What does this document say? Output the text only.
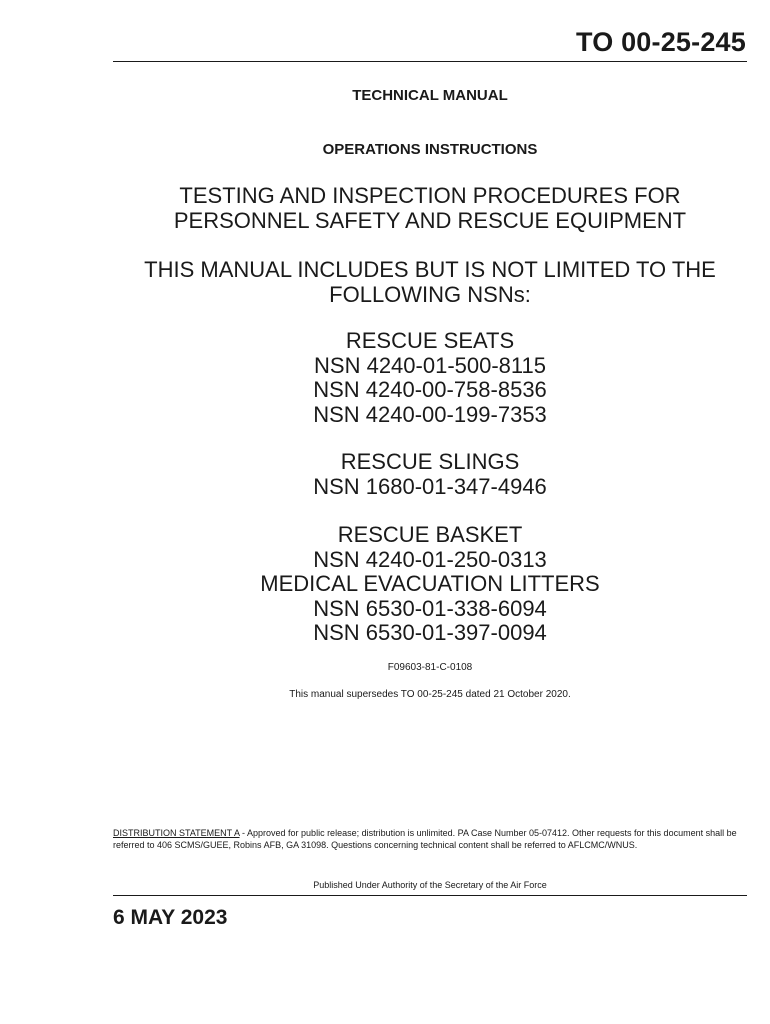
TO 00-25-245
TECHNICAL MANUAL
OPERATIONS INSTRUCTIONS
TESTING AND INSPECTION PROCEDURES FOR
PERSONNEL SAFETY AND RESCUE EQUIPMENT
THIS MANUAL INCLUDES BUT IS NOT LIMITED TO THE
FOLLOWING NSNs:
RESCUE SEATS
NSN 4240-01-500-8115
NSN 4240-00-758-8536
NSN 4240-00-199-7353
RESCUE SLINGS
NSN 1680-01-347-4946
RESCUE BASKET
NSN 4240-01-250-0313
MEDICAL EVACUATION LITTERS
NSN 6530-01-338-6094
NSN 6530-01-397-0094
F09603-81-C-0108
This manual supersedes TO 00-25-245 dated 21 October 2020.
DISTRIBUTION STATEMENT A - Approved for public release; distribution is unlimited. PA Case Number 05-07412. Other requests for this document shall be referred to 406 SCMS/GUEE, Robins AFB, GA 31098. Questions concerning technical content shall be referred to AFLCMC/WNUS.
Published Under Authority of the Secretary of the Air Force
6 MAY 2023
